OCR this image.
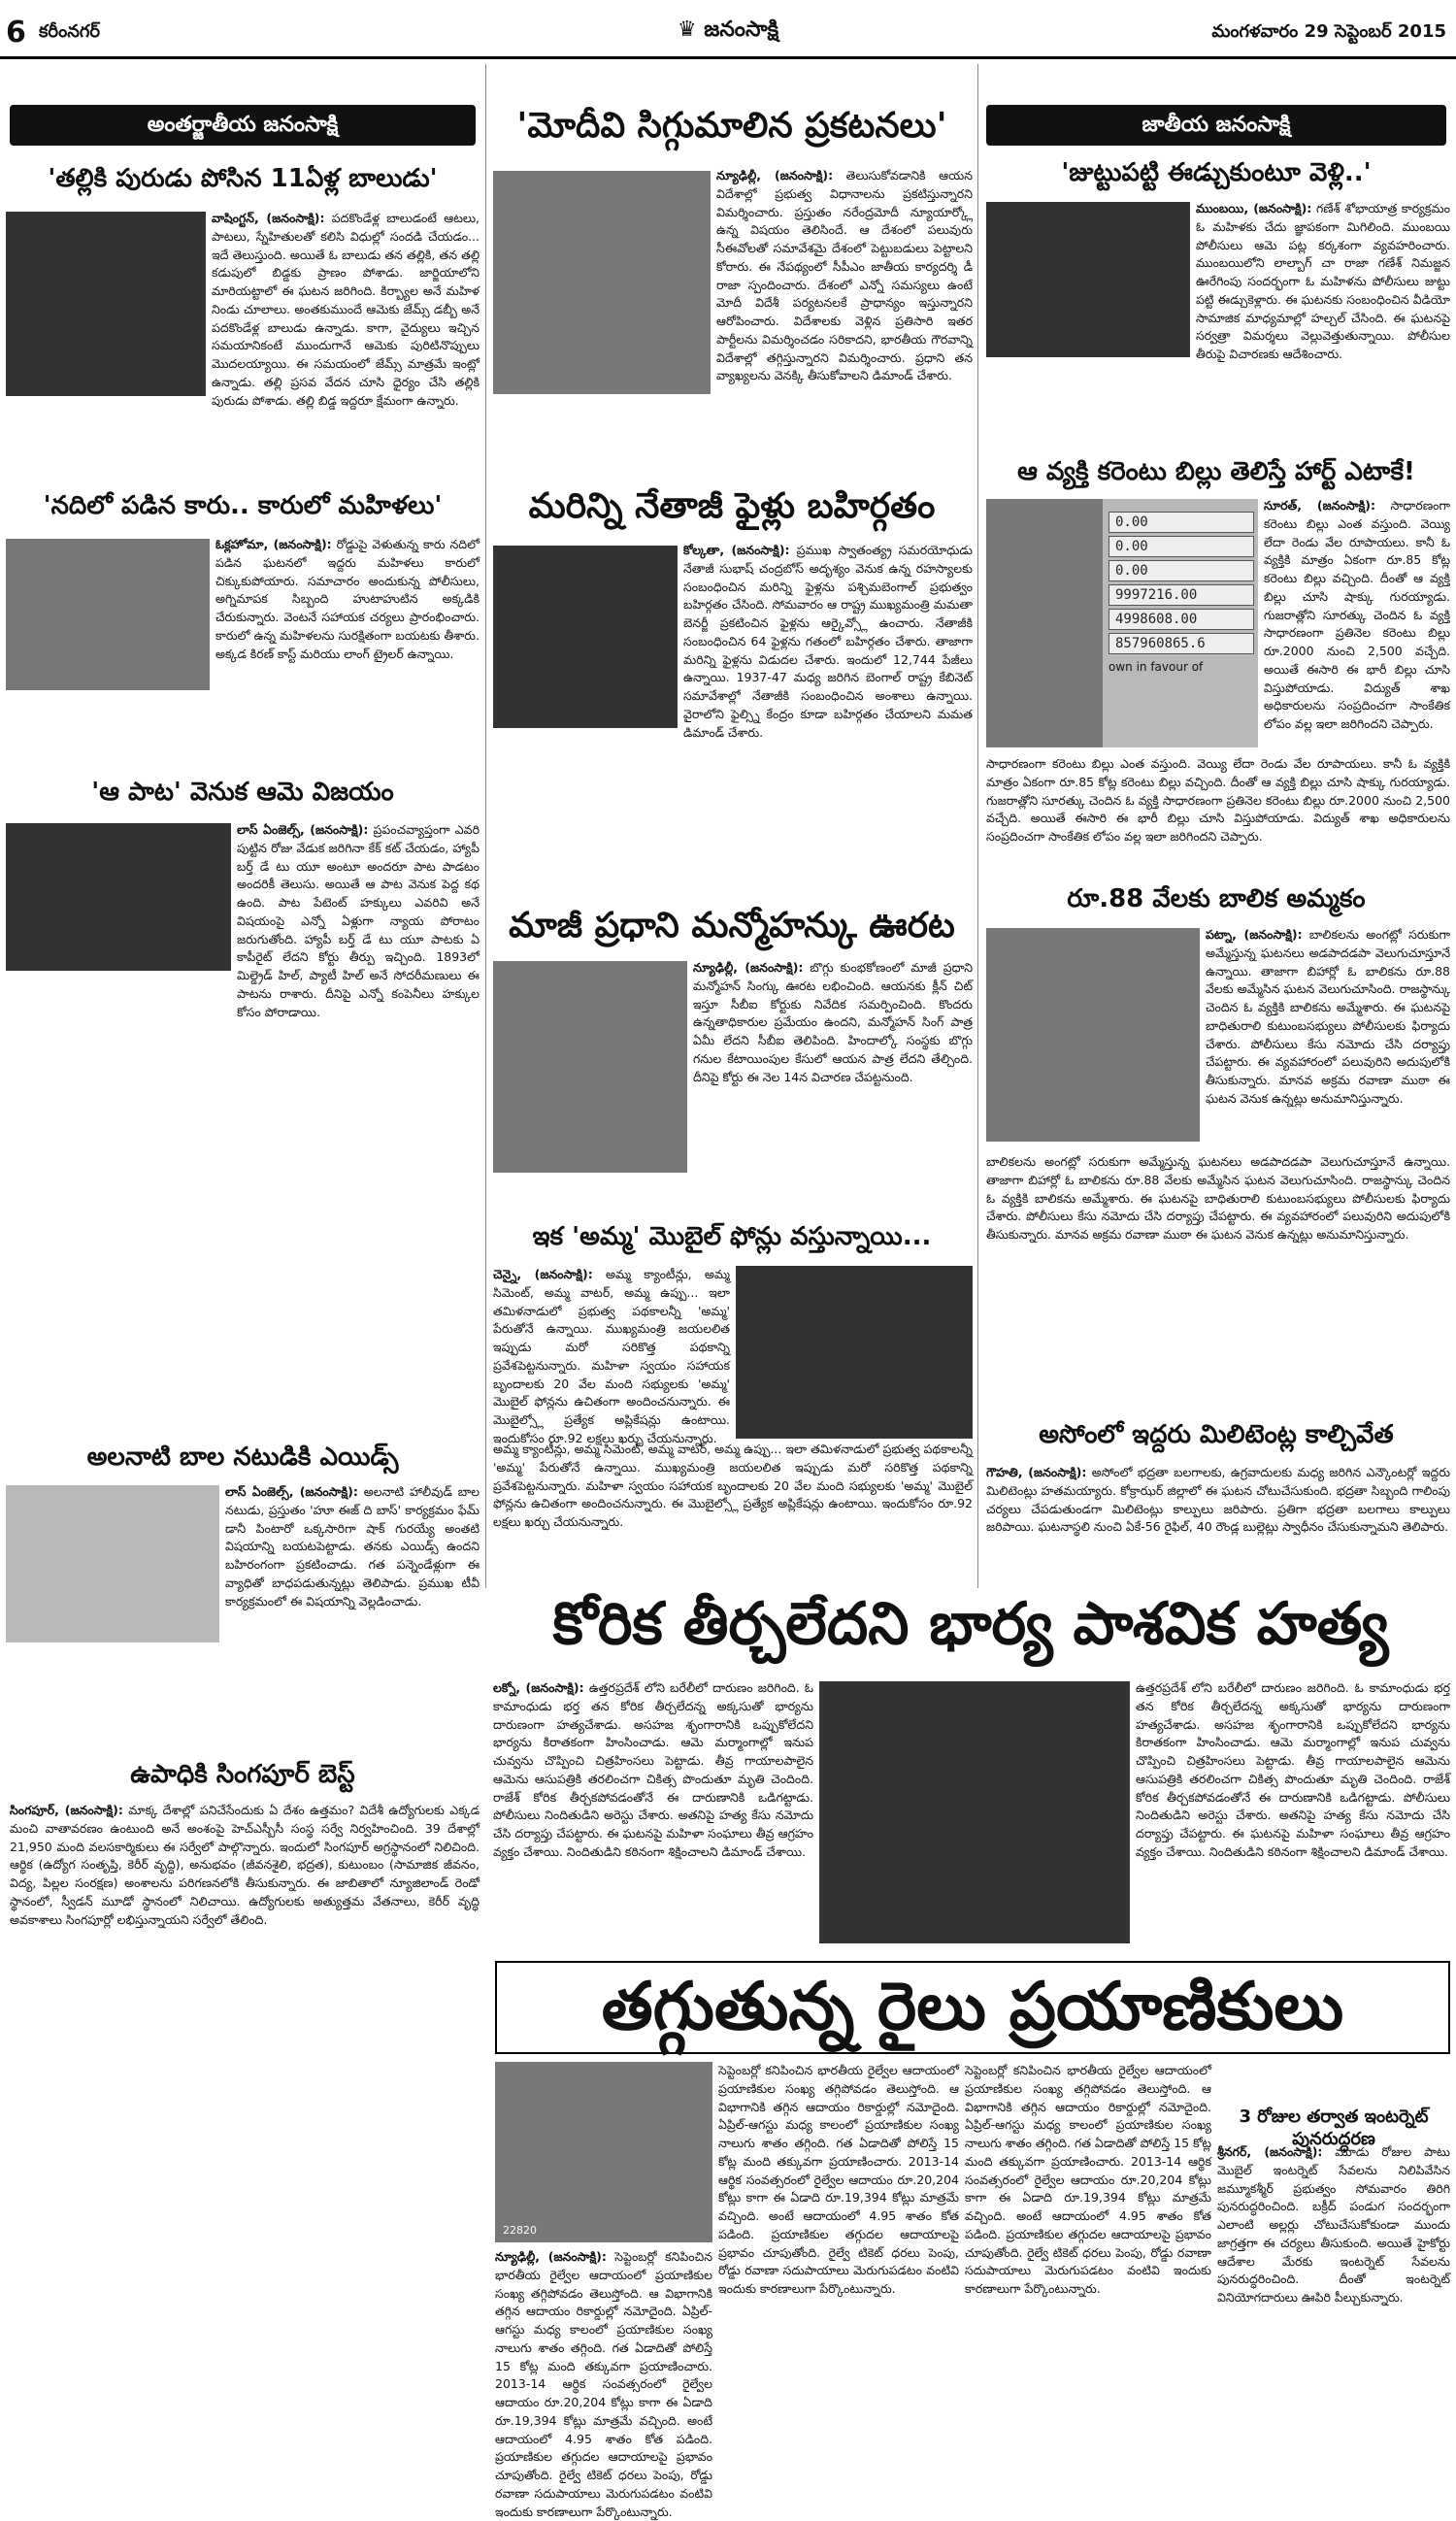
6 కరీంనగర్	♛ జనంసాక్షి	మంగళవారం 29 సెప్టెంబర్ 2015
అంతర్జాతీయ జనంసాక్షి
'తల్లికి పురుడు పోసిన 11ఏళ్ల బాలుడు'
వాషింగ్టన్, (జనంసాక్షి): పదకొండేళ్ల బాలుడంటే ఆటలు, పాటలు, స్నేహితులతో కలిసి విధుల్లో సందడి చేయడం... ఇదే తెలుస్తుంది. అయితే ఓ బాలుడు తన తల్లికి, తన తల్లి కడుపులో బిడ్డకు ప్రాణం పోశాడు. జార్జియాలోని మారియట్టాలో ఈ ఘటన జరిగింది. కిర్బ్యాల అనే మహిళ నిండు చూలాలు. అంతకుముందే ఆమెకు జేమ్స్ డబ్బీ అనే పదకొండేళ్ల బాలుడు ఉన్నాడు. కాగా, వైద్యులు ఇచ్చిన సమయానికంటే ముందుగానే ఆమెకు పురిటినొప్పులు మొదలయ్యాయి. ఈ సమయంలో జేమ్స్ మాత్రమే ఇంట్లో ఉన్నాడు. తల్లి ప్రసవ వేదన చూసి ధైర్యం చేసి తల్లికి పురుడు పోశాడు. తల్లి బిడ్డ ఇద్దరూ క్షేమంగా ఉన్నారు.
'నదిలో పడిన కారు.. కారులో మహిళలు'
ఓక్లహోమా, (జనంసాక్షి): రోడ్డుపై వెళుతున్న కారు నదిలో పడిన ఘటనలో ఇద్దరు మహిళలు కారులో చిక్కుకుపోయారు. సమాచారం అందుకున్న పోలీసులు, అగ్నిమాపక సిబ్బంది హుటాహుటిన అక్కడికి చేరుకున్నారు. వెంటనే సహాయక చర్యలు ప్రారంభించారు. కారులో ఉన్న మహిళలను సురక్షితంగా బయటకు తీశారు. అక్కడ కిరణ్ కాస్ట్ మరియు లాంగ్ ట్రైలర్ ఉన్నాయి.
'ఆ పాట' వెనుక ఆమె విజయం
లాస్ ఏంజెల్స్, (జనంసాక్షి): ప్రపంచవ్యాప్తంగా ఎవరి పుట్టిన రోజు వేడుక జరిగినా కేక్ కట్ చేయడం, హ్యాపీ బర్త్ డే టు యూ అంటూ అందరూ పాట పాడటం అందరికీ తెలుసు. అయితే ఆ పాట వెనుక పెద్ద కథ ఉంది. పాట పేటెంట్ హక్కులు ఎవరివి అనే విషయంపై ఎన్నో ఏళ్లుగా న్యాయ పోరాటం జరుగుతోంది. హ్యాపీ బర్త్ డే టు యూ పాటకు ఏ కాపీరైట్ లేదని కోర్టు తీర్పు ఇచ్చింది. 1893లో మిల్డ్రెడ్ హిల్, ప్యాటీ హిల్ అనే సోదరీమణులు ఈ పాటను రాశారు. దీనిపై ఎన్నో కంపెనీలు హక్కుల కోసం పోరాడాయి.
అలనాటి బాల నటుడికి ఎయిడ్స్
లాస్ ఏంజెల్స్, (జనంసాక్షి): అలనాటి హాలీవుడ్ బాల నటుడు, ప్రస్తుతం 'హూ ఈజ్ ది బాస్' కార్యక్రమం ఫేమ్ డానీ పింటారో ఒక్కసారిగా షాక్ గురయ్యే అంతటి విషయాన్ని బయటపెట్టాడు. తనకు ఎయిడ్స్ ఉందని బహిరంగంగా ప్రకటించాడు. గత పన్నెండేళ్లుగా ఈ వ్యాధితో బాధపడుతున్నట్లు తెలిపాడు. ప్రముఖ టీవీ కార్యక్రమంలో ఈ విషయాన్ని వెల్లడించాడు.
ఉపాధికి సింగపూర్ బెస్ట్
సింగపూర్, (జనంసాక్షి): మాక్క దేశాల్లో పనిచేసేందుకు ఏ దేశం ఉత్తమం? విదేశీ ఉద్యోగులకు ఎక్కడ మంచి వాతావరణం ఉంటుంది అనే అంశంపై హెచ్ఎస్బీసీ సంస్థ సర్వే నిర్వహించింది. 39 దేశాల్లో 21,950 మంది వలసకార్మికులు ఈ సర్వేలో పాల్గొన్నారు. ఇందులో సింగపూర్ అగ్రస్థానంలో నిలిచింది. ఆర్థిక (ఉద్యోగ సంతృప్తి, కెరీర్ వృద్ధి), అనుభవం (జీవనశైలి, భద్రత), కుటుంబం (సామాజిక జీవనం, విద్య, పిల్లల సంరక్షణ) అంశాలను పరిగణనలోకి తీసుకున్నారు. ఈ జాబితాలో న్యూజిలాండ్ రెండో స్థానంలో, స్వీడన్ మూడో స్థానంలో నిలిచాయి. ఉద్యోగులకు అత్యుత్తమ వేతనాలు, కెరీర్ వృద్ధి అవకాశాలు సింగపూర్లో లభిస్తున్నాయని సర్వేలో తేలింది.
'మోదీవి సిగ్గుమాలిన ప్రకటనలు'
న్యూఢిల్లీ, (జనంసాక్షి): తెలుసుకోవడానికి ఆయన విదేశాల్లో ప్రభుత్వ విధానాలను ప్రకటిస్తున్నారని విమర్శించారు. ప్రస్తుతం నరేంద్రమోదీ న్యూయార్క్లో ఉన్న విషయం తెలిసిందే. ఆ దేశంలో పలువురు సీఈవోలతో సమావేశమై దేశంలో పెట్టుబడులు పెట్టాలని కోరారు. ఈ నేపథ్యంలో సీపీఎం జాతీయ కార్యదర్శి డీ రాజా స్పందించారు. దేశంలో ఎన్నో సమస్యలు ఉంటే మోదీ విదేశీ పర్యటనలకే ప్రాధాన్యం ఇస్తున్నారని ఆరోపించారు. విదేశాలకు వెళ్లిన ప్రతిసారి ఇతర పార్టీలను విమర్శించడం సరికాదని, భారతీయ గౌరవాన్ని విదేశాల్లో తగ్గిస్తున్నారని విమర్శించారు. ప్రధాని తన వ్యాఖ్యలను వెనక్కి తీసుకోవాలని డిమాండ్ చేశారు.
మరిన్ని నేతాజీ ఫైళ్లు బహిర్గతం
కోల్కతా, (జనంసాక్షి): ప్రముఖ స్వాతంత్య్ర సమరయోధుడు నేతాజీ సుభాష్ చంద్రబోస్ అదృశ్యం వెనుక ఉన్న రహస్యాలకు సంబంధించిన మరిన్ని ఫైళ్లను పశ్చిమబెంగాల్ ప్రభుత్వం బహిర్గతం చేసింది. సోమవారం ఆ రాష్ట్ర ముఖ్యమంత్రి మమతా బెనర్జీ ప్రకటించిన ఫైళ్లను ఆర్కైవ్స్లో ఉంచారు. నేతాజీకి సంబంధించిన 64 ఫైళ్లను గతంలో బహిర్గతం చేశారు. తాజాగా మరిన్ని ఫైళ్లను విడుదల చేశారు. ఇందులో 12,744 పేజీలు ఉన్నాయి. 1937-47 మధ్య జరిగిన బెంగాల్ రాష్ట్ర కేబినెట్ సమావేశాల్లో నేతాజీకి సంబంధించిన అంశాలు ఉన్నాయి. వైరాలోని ఫైల్స్ని కేంద్రం కూడా బహిర్గతం చేయాలని మమత డిమాండ్ చేశారు.
మాజీ ప్రధాని మన్మోహన్కు ఊరట
న్యూఢిల్లీ, (జనంసాక్షి): బొగ్గు కుంభకోణంలో మాజీ ప్రధాని మన్మోహన్ సింగ్కు ఊరట లభించింది. ఆయనకు క్లీన్ చిట్ ఇస్తూ సీబీఐ కోర్టుకు నివేదిక సమర్పించింది. కొందరు ఉన్నతాధికారుల ప్రమేయం ఉందని, మన్మోహన్ సింగ్ పాత్ర ఏమీ లేదని సీబీఐ తెలిపింది. హిందాల్కో సంస్థకు బొగ్గు గనుల కేటాయింపుల కేసులో ఆయన పాత్ర లేదని తేల్చింది. దీనిపై కోర్టు ఈ నెల 14న విచారణ చేపట్టనుంది.
ఇక 'అమ్మ' మొబైల్ ఫోన్లు వస్తున్నాయి...
చెన్నై, (జనంసాక్షి): అమ్మ క్యాంటీన్లు, అమ్మ సిమెంట్, అమ్మ వాటర్, అమ్మ ఉప్పు... ఇలా తమిళనాడులో ప్రభుత్వ పథకాలన్నీ 'అమ్మ' పేరుతోనే ఉన్నాయి. ముఖ్యమంత్రి జయలలిత ఇప్పుడు మరో సరికొత్త పథకాన్ని ప్రవేశపెట్టనున్నారు. మహిళా స్వయం సహాయక బృందాలకు 20 వేల మంది సభ్యులకు 'అమ్మ' మొబైల్ ఫోన్లను ఉచితంగా అందించనున్నారు. ఈ మొబైల్స్లో ప్రత్యేక అప్లికేషన్లు ఉంటాయి. ఇందుకోసం రూ.92 లక్షలు ఖర్చు చేయనున్నారు.
అమ్మ క్యాంటీన్లు, అమ్మ సిమెంట్, అమ్మ వాటర్, అమ్మ ఉప్పు... ఇలా తమిళనాడులో ప్రభుత్వ పథకాలన్నీ 'అమ్మ' పేరుతోనే ఉన్నాయి. ముఖ్యమంత్రి జయలలిత ఇప్పుడు మరో సరికొత్త పథకాన్ని ప్రవేశపెట్టనున్నారు. మహిళా స్వయం సహాయక బృందాలకు 20 వేల మంది సభ్యులకు 'అమ్మ' మొబైల్ ఫోన్లను ఉచితంగా అందించనున్నారు. ఈ మొబైల్స్లో ప్రత్యేక అప్లికేషన్లు ఉంటాయి. ఇందుకోసం రూ.92 లక్షలు ఖర్చు చేయనున్నారు.
జాతీయ జనంసాక్షి
'జుట్టుపట్టి ఈడ్చుకుంటూ వెళ్లి..'
ముంబయి, (జనంసాక్షి): గణేశ్ శోభాయాత్ర కార్యక్రమం ఓ మహిళకు చేదు జ్ఞాపకంగా మిగిలింది. ముంబయి పోలీసులు ఆమె పట్ల కర్కశంగా వ్యవహరించారు. ముంబయిలోని లాల్బాగ్ చా రాజా గణేశ్ నిమజ్జన ఊరేగింపు సందర్భంగా ఓ మహిళను పోలీసులు జుట్టు పట్టి ఈడ్చుకెళ్లారు. ఈ ఘటనకు సంబంధించిన వీడియో సామాజిక మాధ్యమాల్లో హల్చల్ చేసింది. ఈ ఘటనపై సర్వత్రా విమర్శలు వెల్లువెత్తుతున్నాయి. పోలీసుల తీరుపై విచారణకు ఆదేశించారు.
ఆ వ్యక్తి కరెంటు బిల్లు తెలిస్తే హార్ట్ ఎటాకే!
0.00
0.00
0.00
9997216.00
4998608.00
857960865.6
own in favour of
సూరత్, (జనంసాక్షి): సాధారణంగా కరెంటు బిల్లు ఎంత వస్తుంది. వెయ్యి లేదా రెండు వేల రూపాయలు. కానీ ఓ వ్యక్తికి మాత్రం ఏకంగా రూ.85 కోట్ల కరెంటు బిల్లు వచ్చింది. దీంతో ఆ వ్యక్తి బిల్లు చూసి షాక్కు గురయ్యాడు. గుజరాత్లోని సూరత్కు చెందిన ఓ వ్యక్తి సాధారణంగా ప్రతినెల కరెంటు బిల్లు రూ.2000 నుంచి 2,500 వచ్చేది. అయితే ఈసారి ఈ భారీ బిల్లు చూసి విస్తుపోయాడు. విద్యుత్ శాఖ అధికారులను సంప్రదించగా సాంకేతిక లోపం వల్ల ఇలా జరిగిందని చెప్పారు.
సాధారణంగా కరెంటు బిల్లు ఎంత వస్తుంది. వెయ్యి లేదా రెండు వేల రూపాయలు. కానీ ఓ వ్యక్తికి మాత్రం ఏకంగా రూ.85 కోట్ల కరెంటు బిల్లు వచ్చింది. దీంతో ఆ వ్యక్తి బిల్లు చూసి షాక్కు గురయ్యాడు. గుజరాత్లోని సూరత్కు చెందిన ఓ వ్యక్తి సాధారణంగా ప్రతినెల కరెంటు బిల్లు రూ.2000 నుంచి 2,500 వచ్చేది. అయితే ఈసారి ఈ భారీ బిల్లు చూసి విస్తుపోయాడు. విద్యుత్ శాఖ అధికారులను సంప్రదించగా సాంకేతిక లోపం వల్ల ఇలా జరిగిందని చెప్పారు.
రూ.88 వేలకు బాలిక అమ్మకం
పట్నా, (జనంసాక్షి): బాలికలను అంగట్లో సరుకుగా అమ్మేస్తున్న ఘటనలు అడపాదడపా వెలుగుచూస్తూనే ఉన్నాయి. తాజాగా బిహార్లో ఓ బాలికను రూ.88 వేలకు అమ్మేసిన ఘటన వెలుగుచూసింది. రాజస్థాన్కు చెందిన ఓ వ్యక్తికి బాలికను అమ్మేశారు. ఈ ఘటనపై బాధితురాలి కుటుంబసభ్యులు పోలీసులకు ఫిర్యాదు చేశారు. పోలీసులు కేసు నమోదు చేసి దర్యాప్తు చేపట్టారు. ఈ వ్యవహారంలో పలువురిని అదుపులోకి తీసుకున్నారు. మానవ అక్రమ రవాణా ముఠా ఈ ఘటన వెనుక ఉన్నట్లు అనుమానిస్తున్నారు.
బాలికలను అంగట్లో సరుకుగా అమ్మేస్తున్న ఘటనలు అడపాదడపా వెలుగుచూస్తూనే ఉన్నాయి. తాజాగా బిహార్లో ఓ బాలికను రూ.88 వేలకు అమ్మేసిన ఘటన వెలుగుచూసింది. రాజస్థాన్కు చెందిన ఓ వ్యక్తికి బాలికను అమ్మేశారు. ఈ ఘటనపై బాధితురాలి కుటుంబసభ్యులు పోలీసులకు ఫిర్యాదు చేశారు. పోలీసులు కేసు నమోదు చేసి దర్యాప్తు చేపట్టారు. ఈ వ్యవహారంలో పలువురిని అదుపులోకి తీసుకున్నారు. మానవ అక్రమ రవాణా ముఠా ఈ ఘటన వెనుక ఉన్నట్లు అనుమానిస్తున్నారు.
అసోంలో ఇద్దరు మిలిటెంట్ల కాల్చివేత
గౌహతి, (జనంసాక్షి): అసోంలో భద్రతా బలగాలకు, ఉగ్రవాదులకు మధ్య జరిగిన ఎన్కౌంటర్లో ఇద్దరు మిలిటెంట్లు హతమయ్యారు. కోక్రాఝర్ జిల్లాలో ఈ ఘటన చోటుచేసుకుంది. భద్రతా సిబ్బంది గాలింపు చర్యలు చేపడుతుండగా మిలిటెంట్లు కాల్పులు జరిపారు. ప్రతిగా భద్రతా బలగాలు కాల్పులు జరిపాయి. ఘటనాస్థలి నుంచి ఏకే-56 రైఫిల్, 40 రౌండ్ల బుల్లెట్లు స్వాధీనం చేసుకున్నామని తెలిపారు.
కోరిక తీర్చలేదని భార్య పాశవిక హత్య
లక్నో, (జనంసాక్షి): ఉత్తరప్రదేశ్ లోని బరేలీలో దారుణం జరిగింది. ఓ కామాంధుడు భర్త తన కోరిక తీర్చలేదన్న అక్కసుతో భార్యను దారుణంగా హత్యచేశాడు. అసహజ శృంగారానికి ఒప్పుకోలేదని భార్యను కిరాతకంగా హింసించాడు. ఆమె మర్మాంగాల్లో ఇనుప చువ్వను చొప్పించి చిత్రహింసలు పెట్టాడు. తీవ్ర గాయాలపాలైన ఆమెను ఆసుపత్రికి తరలించగా చికిత్స పొందుతూ మృతి చెందింది. రాజేశ్ కోరిక తీర్చకపోవడంతోనే ఈ దారుణానికి ఒడిగట్టాడు. పోలీసులు నిందితుడిని అరెస్టు చేశారు. అతనిపై హత్య కేసు నమోదు చేసి దర్యాప్తు చేపట్టారు. ఈ ఘటనపై మహిళా సంఘాలు తీవ్ర ఆగ్రహం వ్యక్తం చేశాయి. నిందితుడిని కఠినంగా శిక్షించాలని డిమాండ్ చేశాయి.
ఉత్తరప్రదేశ్ లోని బరేలీలో దారుణం జరిగింది. ఓ కామాంధుడు భర్త తన కోరిక తీర్చలేదన్న అక్కసుతో భార్యను దారుణంగా హత్యచేశాడు. అసహజ శృంగారానికి ఒప్పుకోలేదని భార్యను కిరాతకంగా హింసించాడు. ఆమె మర్మాంగాల్లో ఇనుప చువ్వను చొప్పించి చిత్రహింసలు పెట్టాడు. తీవ్ర గాయాలపాలైన ఆమెను ఆసుపత్రికి తరలించగా చికిత్స పొందుతూ మృతి చెందింది. రాజేశ్ కోరిక తీర్చకపోవడంతోనే ఈ దారుణానికి ఒడిగట్టాడు. పోలీసులు నిందితుడిని అరెస్టు చేశారు. అతనిపై హత్య కేసు నమోదు చేసి దర్యాప్తు చేపట్టారు. ఈ ఘటనపై మహిళా సంఘాలు తీవ్ర ఆగ్రహం వ్యక్తం చేశాయి. నిందితుడిని కఠినంగా శిక్షించాలని డిమాండ్ చేశాయి.
తగ్గుతున్న రైలు ప్రయాణికులు
22820
న్యూఢిల్లీ, (జనంసాక్షి): సెప్టెంబర్లో కనిపించిన భారతీయ రైల్వేల ఆదాయంలో ప్రయాణికుల సంఖ్య తగ్గిపోవడం తెలుస్తోంది. ఆ విభాగానికి తగ్గిన ఆదాయం రికార్డుల్లో నమోదైంది. ఏప్రిల్-ఆగస్టు మధ్య కాలంలో ప్రయాణికుల సంఖ్య నాలుగు శాతం తగ్గింది. గత ఏడాదితో పోలిస్తే 15 కోట్ల మంది తక్కువగా ప్రయాణించారు. 2013-14 ఆర్థిక సంవత్సరంలో రైల్వేల ఆదాయం రూ.20,204 కోట్లు కాగా ఈ ఏడాది రూ.19,394 కోట్లు మాత్రమే వచ్చింది. అంటే ఆదాయంలో 4.95 శాతం కోత పడింది. ప్రయాణికుల తగ్గుదల ఆదాయాలపై ప్రభావం చూపుతోంది. రైల్వే టికెట్ ధరలు పెంపు, రోడ్డు రవాణా సదుపాయాలు మెరుగుపడటం వంటివి ఇందుకు కారణాలుగా పేర్కొంటున్నారు.
సెప్టెంబర్లో కనిపించిన భారతీయ రైల్వేల ఆదాయంలో ప్రయాణికుల సంఖ్య తగ్గిపోవడం తెలుస్తోంది. ఆ విభాగానికి తగ్గిన ఆదాయం రికార్డుల్లో నమోదైంది. ఏప్రిల్-ఆగస్టు మధ్య కాలంలో ప్రయాణికుల సంఖ్య నాలుగు శాతం తగ్గింది. గత ఏడాదితో పోలిస్తే 15 కోట్ల మంది తక్కువగా ప్రయాణించారు. 2013-14 ఆర్థిక సంవత్సరంలో రైల్వేల ఆదాయం రూ.20,204 కోట్లు కాగా ఈ ఏడాది రూ.19,394 కోట్లు మాత్రమే వచ్చింది. అంటే ఆదాయంలో 4.95 శాతం కోత పడింది. ప్రయాణికుల తగ్గుదల ఆదాయాలపై ప్రభావం చూపుతోంది. రైల్వే టికెట్ ధరలు పెంపు, రోడ్డు రవాణా సదుపాయాలు మెరుగుపడటం వంటివి ఇందుకు కారణాలుగా పేర్కొంటున్నారు.
సెప్టెంబర్లో కనిపించిన భారతీయ రైల్వేల ఆదాయంలో ప్రయాణికుల సంఖ్య తగ్గిపోవడం తెలుస్తోంది. ఆ విభాగానికి తగ్గిన ఆదాయం రికార్డుల్లో నమోదైంది. ఏప్రిల్-ఆగస్టు మధ్య కాలంలో ప్రయాణికుల సంఖ్య నాలుగు శాతం తగ్గింది. గత ఏడాదితో పోలిస్తే 15 కోట్ల మంది తక్కువగా ప్రయాణించారు. 2013-14 ఆర్థిక సంవత్సరంలో రైల్వేల ఆదాయం రూ.20,204 కోట్లు కాగా ఈ ఏడాది రూ.19,394 కోట్లు మాత్రమే వచ్చింది. అంటే ఆదాయంలో 4.95 శాతం కోత పడింది. ప్రయాణికుల తగ్గుదల ఆదాయాలపై ప్రభావం చూపుతోంది. రైల్వే టికెట్ ధరలు పెంపు, రోడ్డు రవాణా సదుపాయాలు మెరుగుపడటం వంటివి ఇందుకు కారణాలుగా పేర్కొంటున్నారు.
3 రోజుల తర్వాత ఇంటర్నెట్ పునరుద్ధరణ
శ్రీనగర్, (జనంసాక్షి): మూడు రోజుల పాటు మొబైల్ ఇంటర్నెట్ సేవలను నిలిపివేసిన జమ్మూకశ్మీర్ ప్రభుత్వం సోమవారం తిరిగి పునరుద్ధరించింది. బక్రీద్ పండుగ సందర్భంగా ఎలాంటి అల్లర్లు చోటుచేసుకోకుండా ముందు జాగ్రత్తగా ఈ చర్యలు తీసుకుంది. అయితే హైకోర్టు ఆదేశాల మేరకు ఇంటర్నెట్ సేవలను పునరుద్ధరించింది. దీంతో ఇంటర్నెట్ వినియోగదారులు ఊపిరి పీల్చుకున్నారు.
